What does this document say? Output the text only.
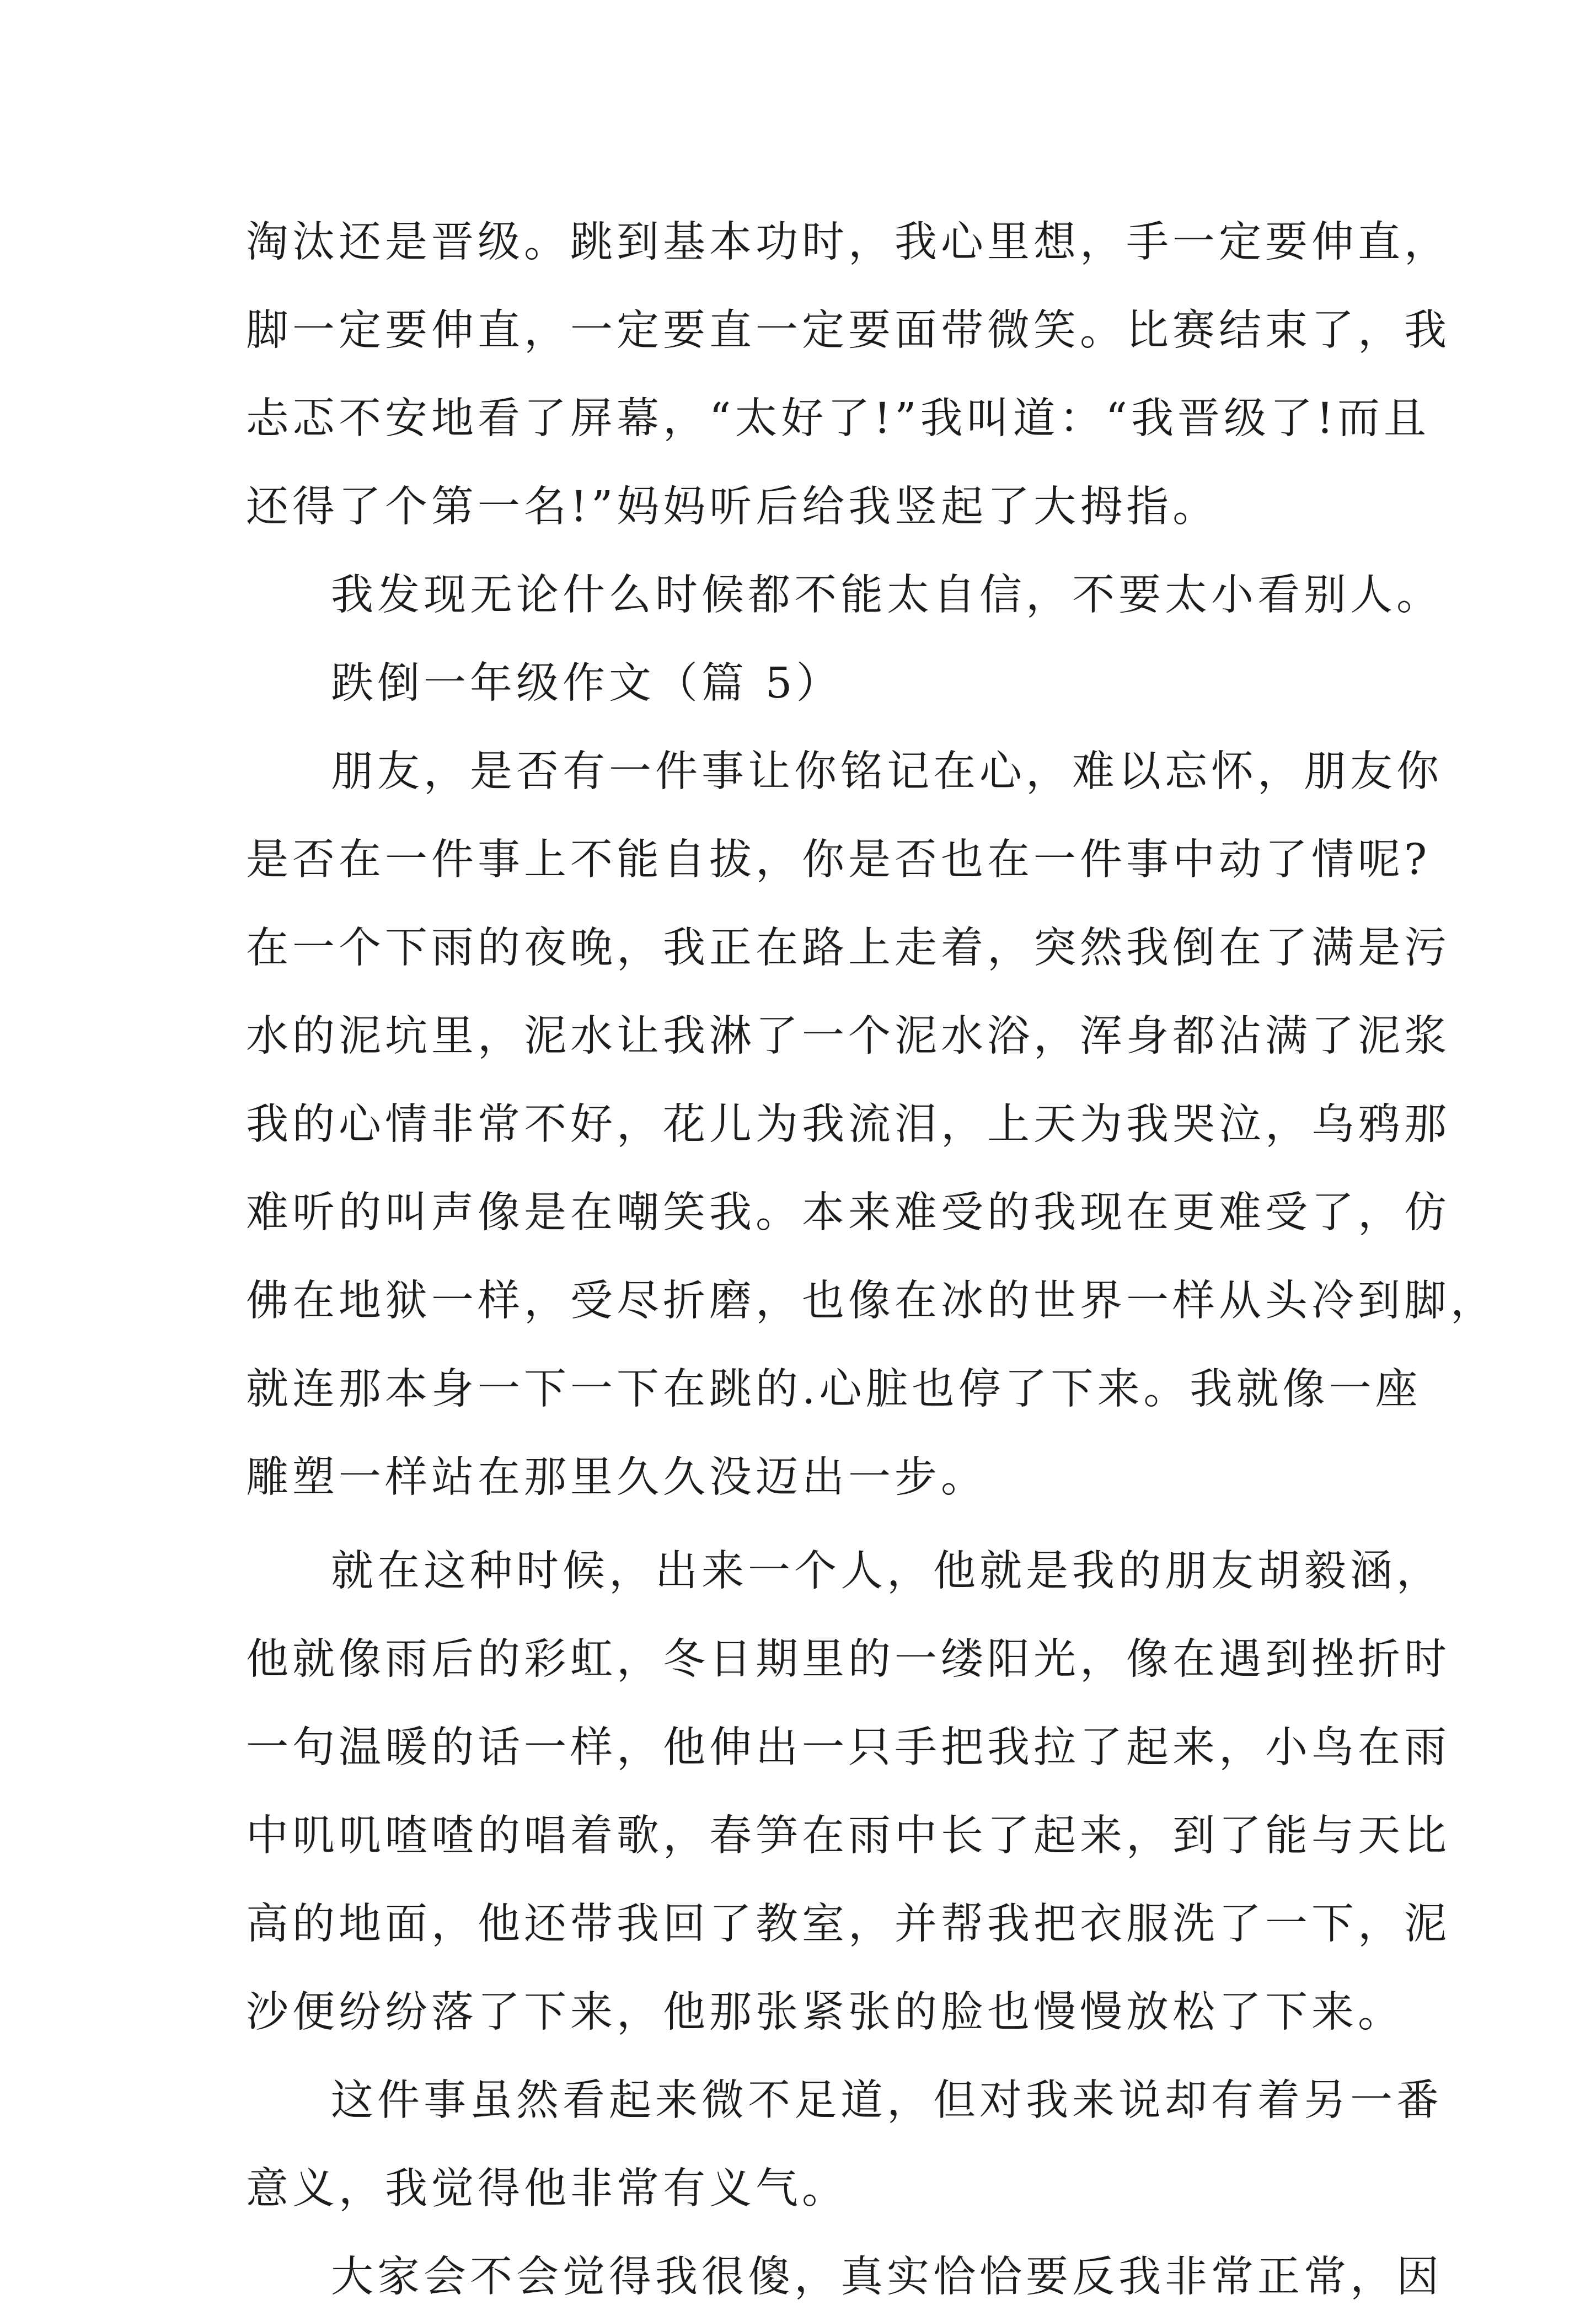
淘汰还是晋级。跳到基本功时，我心里想，手一定要伸直，

脚一定要伸直，一定要直一定要面带微笑。比赛结束了，我

忐忑不安地看了屏幕，“太好了!”我叫道：“我晋级了!而且

还得了个第一名!”妈妈听后给我竖起了大拇指。

我发现无论什么时候都不能太自信，不要太小看别人。

跌倒一年级作文（篇 5）

朋友，是否有一件事让你铭记在心，难以忘怀，朋友你

是否在一件事上不能自拔，你是否也在一件事中动了情呢?

在一个下雨的夜晚，我正在路上走着，突然我倒在了满是污

水的泥坑里，泥水让我淋了一个泥水浴，浑身都沾满了泥浆

我的心情非常不好，花儿为我流泪，上天为我哭泣，乌鸦那

难听的叫声像是在嘲笑我。本来难受的我现在更难受了，仿

佛在地狱一样，受尽折磨，也像在冰的世界一样从头冷到脚，

就连那本身一下一下在跳的.心脏也停了下来。我就像一座

雕塑一样站在那里久久没迈出一步。

就在这种时候，出来一个人，他就是我的朋友胡毅涵，

他就像雨后的彩虹，冬日期里的一缕阳光，像在遇到挫折时

一句温暖的话一样，他伸出一只手把我拉了起来，小鸟在雨

中叽叽喳喳的唱着歌，春笋在雨中长了起来，到了能与天比

高的地面，他还带我回了教室，并帮我把衣服洗了一下，泥

沙便纷纷落了下来，他那张紧张的脸也慢慢放松了下来。

这件事虽然看起来微不足道，但对我来说却有着另一番

意义，我觉得他非常有义气。

大家会不会觉得我很傻，真实恰恰要反我非常正常，因
